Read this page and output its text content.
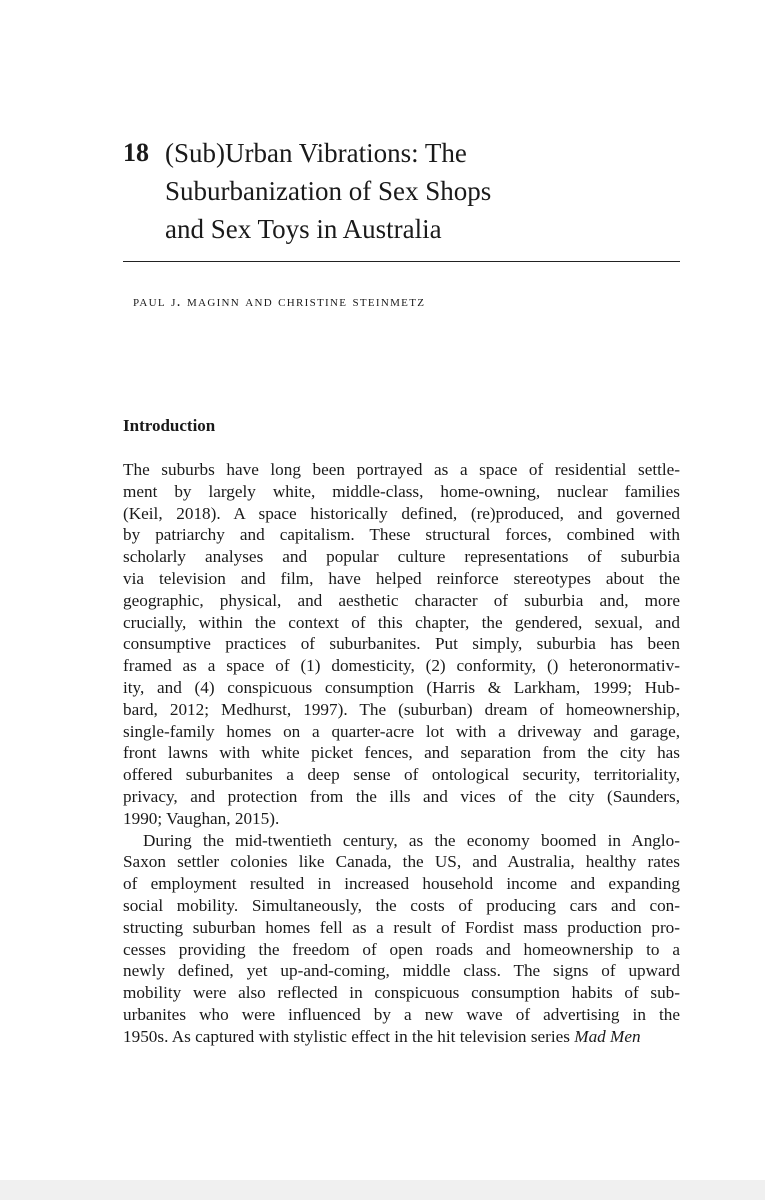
18 (Sub)Urban Vibrations: The
Suburbanization of Sex Shops
and Sex Toys in Australia
paul j. maginn and christine steinmetz
Introduction
The suburbs have long been portrayed as a space of residential settle-
ment by largely white, middle-class, home-owning, nuclear families
(Keil, 2018). A space historically defined, (re)produced, and governed
by patriarchy and capitalism. These structural forces, combined with
scholarly analyses and popular culture representations of suburbia
via television and film, have helped reinforce stereotypes about the
geographic, physical, and aesthetic character of suburbia and, more
crucially, within the context of this chapter, the gendered, sexual, and
consumptive practices of suburbanites. Put simply, suburbia has been
framed as a space of (1) domesticity, (2) conformity, () heteronormativ-
ity, and (4) conspicuous consumption (Harris & Larkham, 1999; Hub-
bard, 2012; Medhurst, 1997). The (suburban) dream of homeownership,
single-family homes on a quarter-acre lot with a driveway and garage,
front lawns with white picket fences, and separation from the city has
offered suburbanites a deep sense of ontological security, territoriality,
privacy, and protection from the ills and vices of the city (Saunders,
1990; Vaughan, 2015).
During the mid-twentieth century, as the economy boomed in Anglo-
Saxon settler colonies like Canada, the US, and Australia, healthy rates
of employment resulted in increased household income and expanding
social mobility. Simultaneously, the costs of producing cars and con-
structing suburban homes fell as a result of Fordist mass production pro-
cesses providing the freedom of open roads and homeownership to a
newly defined, yet up-and-coming, middle class. The signs of upward
mobility were also reflected in conspicuous consumption habits of sub-
urbanites who were influenced by a new wave of advertising in the
1950s. As captured with stylistic effect in the hit television series Mad Men
